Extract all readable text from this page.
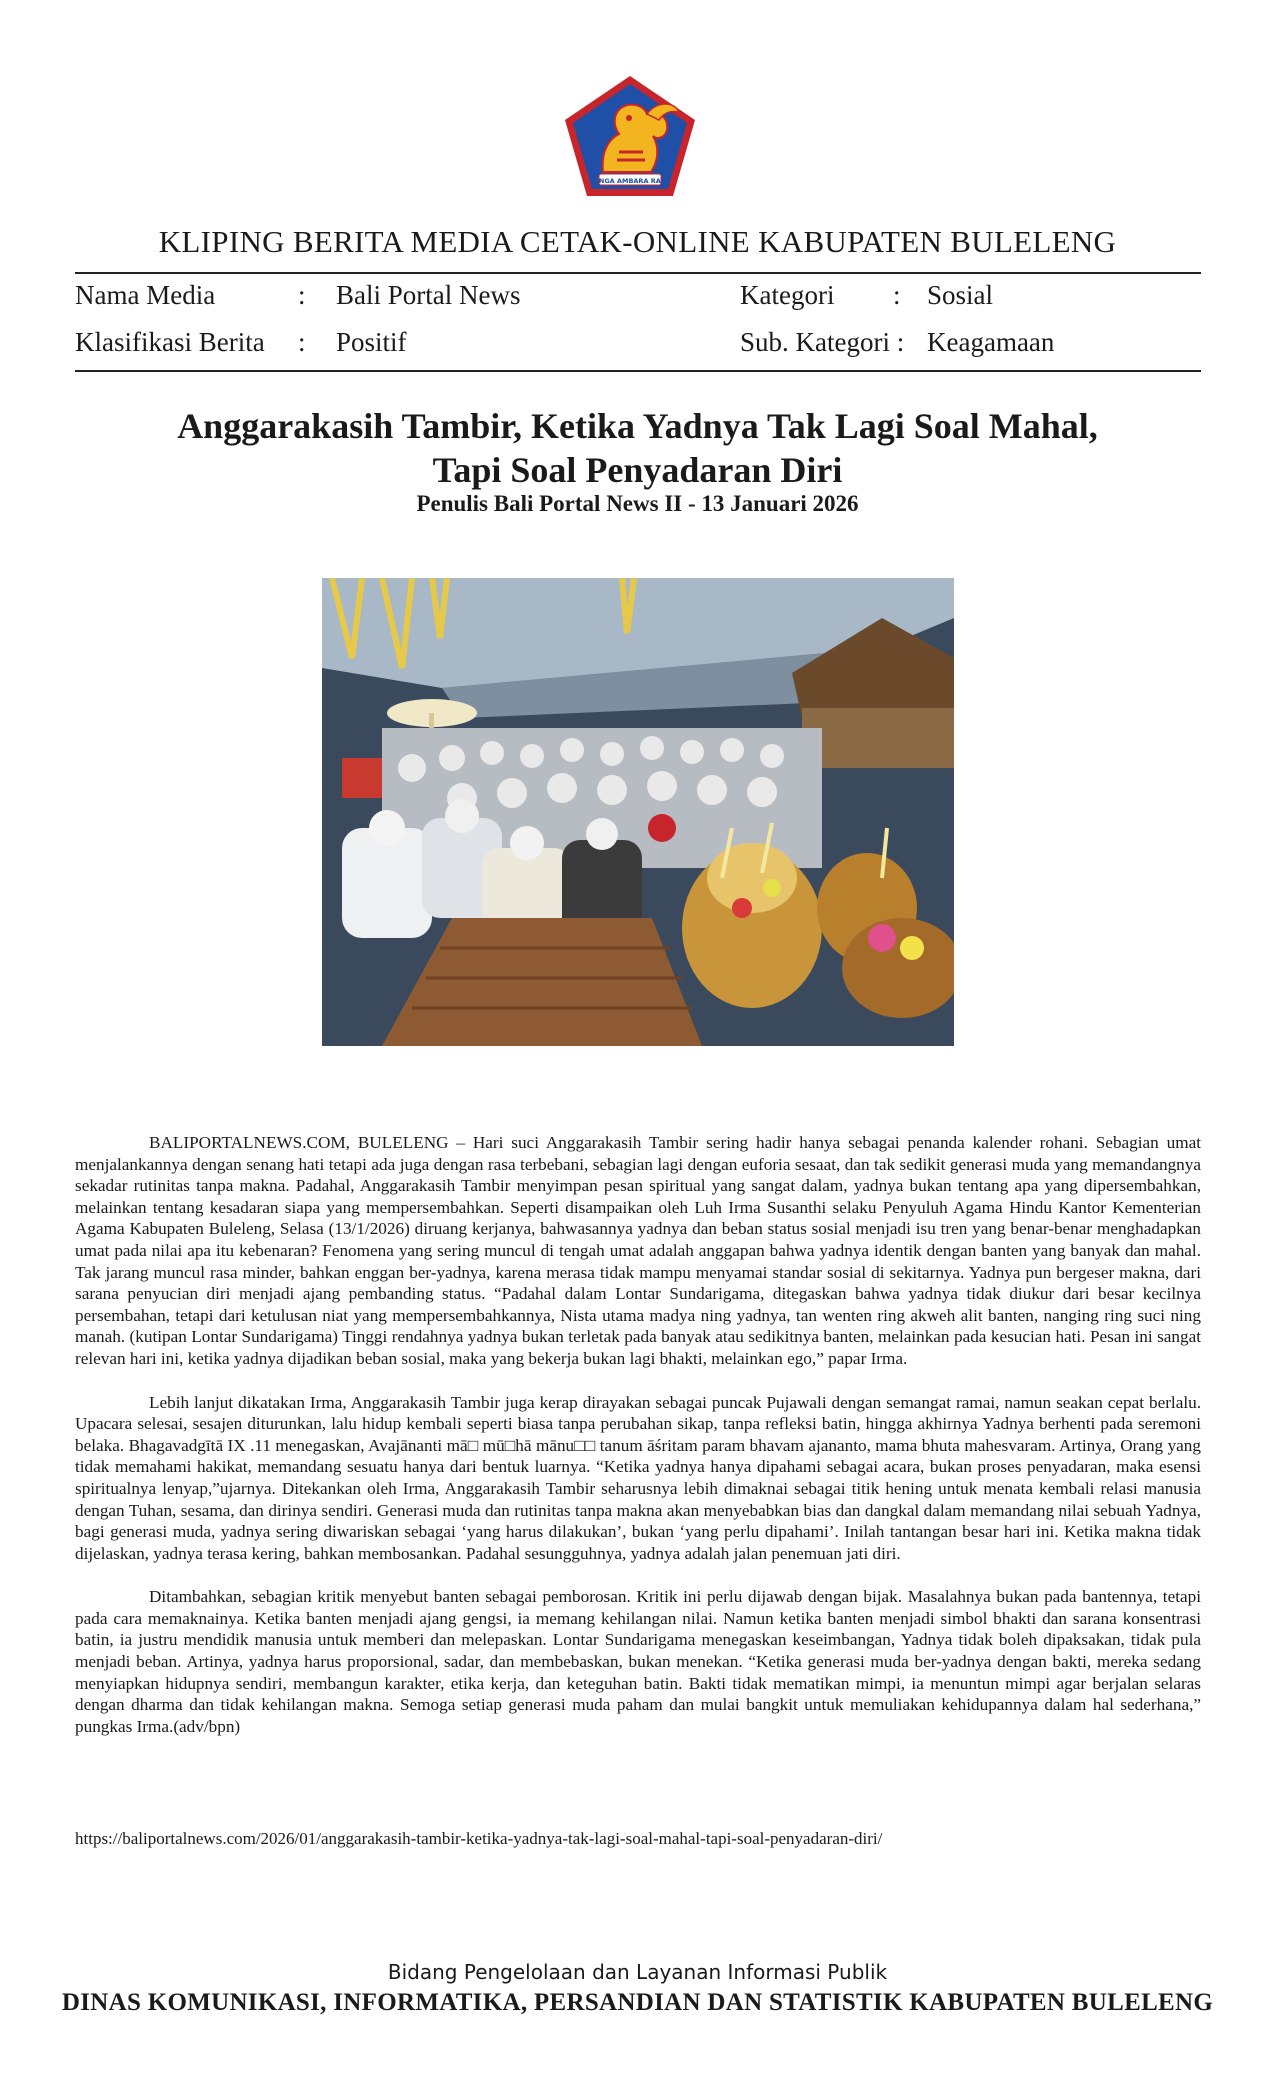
SINGA AMBARA RAJA
KLIPING BERITA MEDIA CETAK-ONLINE KABUPATEN BULELENG
Nama Media	: Bali Portal News	Kategori : Sosial
Klasifikasi Berita : Positif	Sub. Kategori : Keagamaan
Anggarakasih Tambir, Ketika Yadnya Tak Lagi Soal Mahal,
Tapi Soal Penyadaran Diri
Penulis Bali Portal News II - 13 Januari 2026

BALIPORTALNEWS.COM, BULELENG – Hari suci Anggarakasih Tambir sering hadir hanya sebagai penanda kalender rohani. Sebagian umat menjalankannya dengan senang hati tetapi ada juga dengan rasa terbebani, sebagian lagi dengan euforia sesaat, dan tak sedikit generasi muda yang memandangnya sekadar rutinitas tanpa makna. Padahal, Anggarakasih Tambir menyimpan pesan spiritual yang sangat dalam, yadnya bukan tentang apa yang dipersembahkan, melainkan tentang kesadaran siapa yang mempersembahkan. Seperti disampaikan oleh Luh Irma Susanthi selaku Penyuluh Agama Hindu Kantor Kementerian Agama Kabupaten Buleleng, Selasa (13/1/2026) diruang kerjanya, bahwasannya yadnya dan beban status sosial menjadi isu tren yang benar-benar menghadapkan umat pada nilai apa itu kebenaran? Fenomena yang sering muncul di tengah umat adalah anggapan bahwa yadnya identik dengan banten yang banyak dan mahal. Tak jarang muncul rasa minder, bahkan enggan ber-yadnya, karena merasa tidak mampu menyamai standar sosial di sekitarnya. Yadnya pun bergeser makna, dari sarana penyucian diri menjadi ajang pembanding status. “Padahal dalam Lontar Sundarigama, ditegaskan bahwa yadnya tidak diukur dari besar kecilnya persembahan, tetapi dari ketulusan niat yang mempersembahkannya, Nista utama madya ning yadnya, tan wenten ring akweh alit banten, nanging ring suci ning manah. (kutipan Lontar Sundarigama) Tinggi rendahnya yadnya bukan terletak pada banyak atau sedikitnya banten, melainkan pada kesucian hati. Pesan ini sangat relevan hari ini, ketika yadnya dijadikan beban sosial, maka yang bekerja bukan lagi bhakti, melainkan ego,” papar Irma.

Lebih lanjut dikatakan Irma, Anggarakasih Tambir juga kerap dirayakan sebagai puncak Pujawali dengan semangat ramai, namun seakan cepat berlalu. Upacara selesai, sesajen diturunkan, lalu hidup kembali seperti biasa tanpa perubahan sikap, tanpa refleksi batin, hingga akhirnya Yadnya berhenti pada seremoni belaka. Bhagavadgītā IX .11 menegaskan, Avajānanti mā□ mū□hā mānu□□ tanum āśritam param bhavam ajananto, mama bhuta mahesvaram. Artinya, Orang yang tidak memahami hakikat, memandang sesuatu hanya dari bentuk luarnya. “Ketika yadnya hanya dipahami sebagai acara, bukan proses penyadaran, maka esensi spiritualnya lenyap,”ujarnya. Ditekankan oleh Irma, Anggarakasih Tambir seharusnya lebih dimaknai sebagai titik hening untuk menata kembali relasi manusia dengan Tuhan, sesama, dan dirinya sendiri. Generasi muda dan rutinitas tanpa makna akan menyebabkan bias dan dangkal dalam memandang nilai sebuah Yadnya, bagi generasi muda, yadnya sering diwariskan sebagai ‘yang harus dilakukan’, bukan ‘yang perlu dipahami’. Inilah tantangan besar hari ini. Ketika makna tidak dijelaskan, yadnya terasa kering, bahkan membosankan. Padahal sesungguhnya, yadnya adalah jalan penemuan jati diri.

Ditambahkan, sebagian kritik menyebut banten sebagai pemborosan. Kritik ini perlu dijawab dengan bijak. Masalahnya bukan pada bantennya, tetapi pada cara memaknainya. Ketika banten menjadi ajang gengsi, ia memang kehilangan nilai. Namun ketika banten menjadi simbol bhakti dan sarana konsentrasi batin, ia justru mendidik manusia untuk memberi dan melepaskan. Lontar Sundarigama menegaskan keseimbangan, Yadnya tidak boleh dipaksakan, tidak pula menjadi beban. Artinya, yadnya harus proporsional, sadar, dan membebaskan, bukan menekan. “Ketika generasi muda ber-yadnya dengan bakti, mereka sedang menyiapkan hidupnya sendiri, membangun karakter, etika kerja, dan keteguhan batin. Bakti tidak mematikan mimpi, ia menuntun mimpi agar berjalan selaras dengan dharma dan tidak kehilangan makna. Semoga setiap generasi muda paham dan mulai bangkit untuk memuliakan kehidupannya dalam hal sederhana,” pungkas Irma.(adv/bpn)

https://baliportalnews.com/2026/01/anggarakasih-tambir-ketika-yadnya-tak-lagi-soal-mahal-tapi-soal-penyadaran-diri/
Bidang Pengelolaan dan Layanan Informasi Publik
DINAS KOMUNIKASI, INFORMATIKA, PERSANDIAN DAN STATISTIK KABUPATEN BULELENG
